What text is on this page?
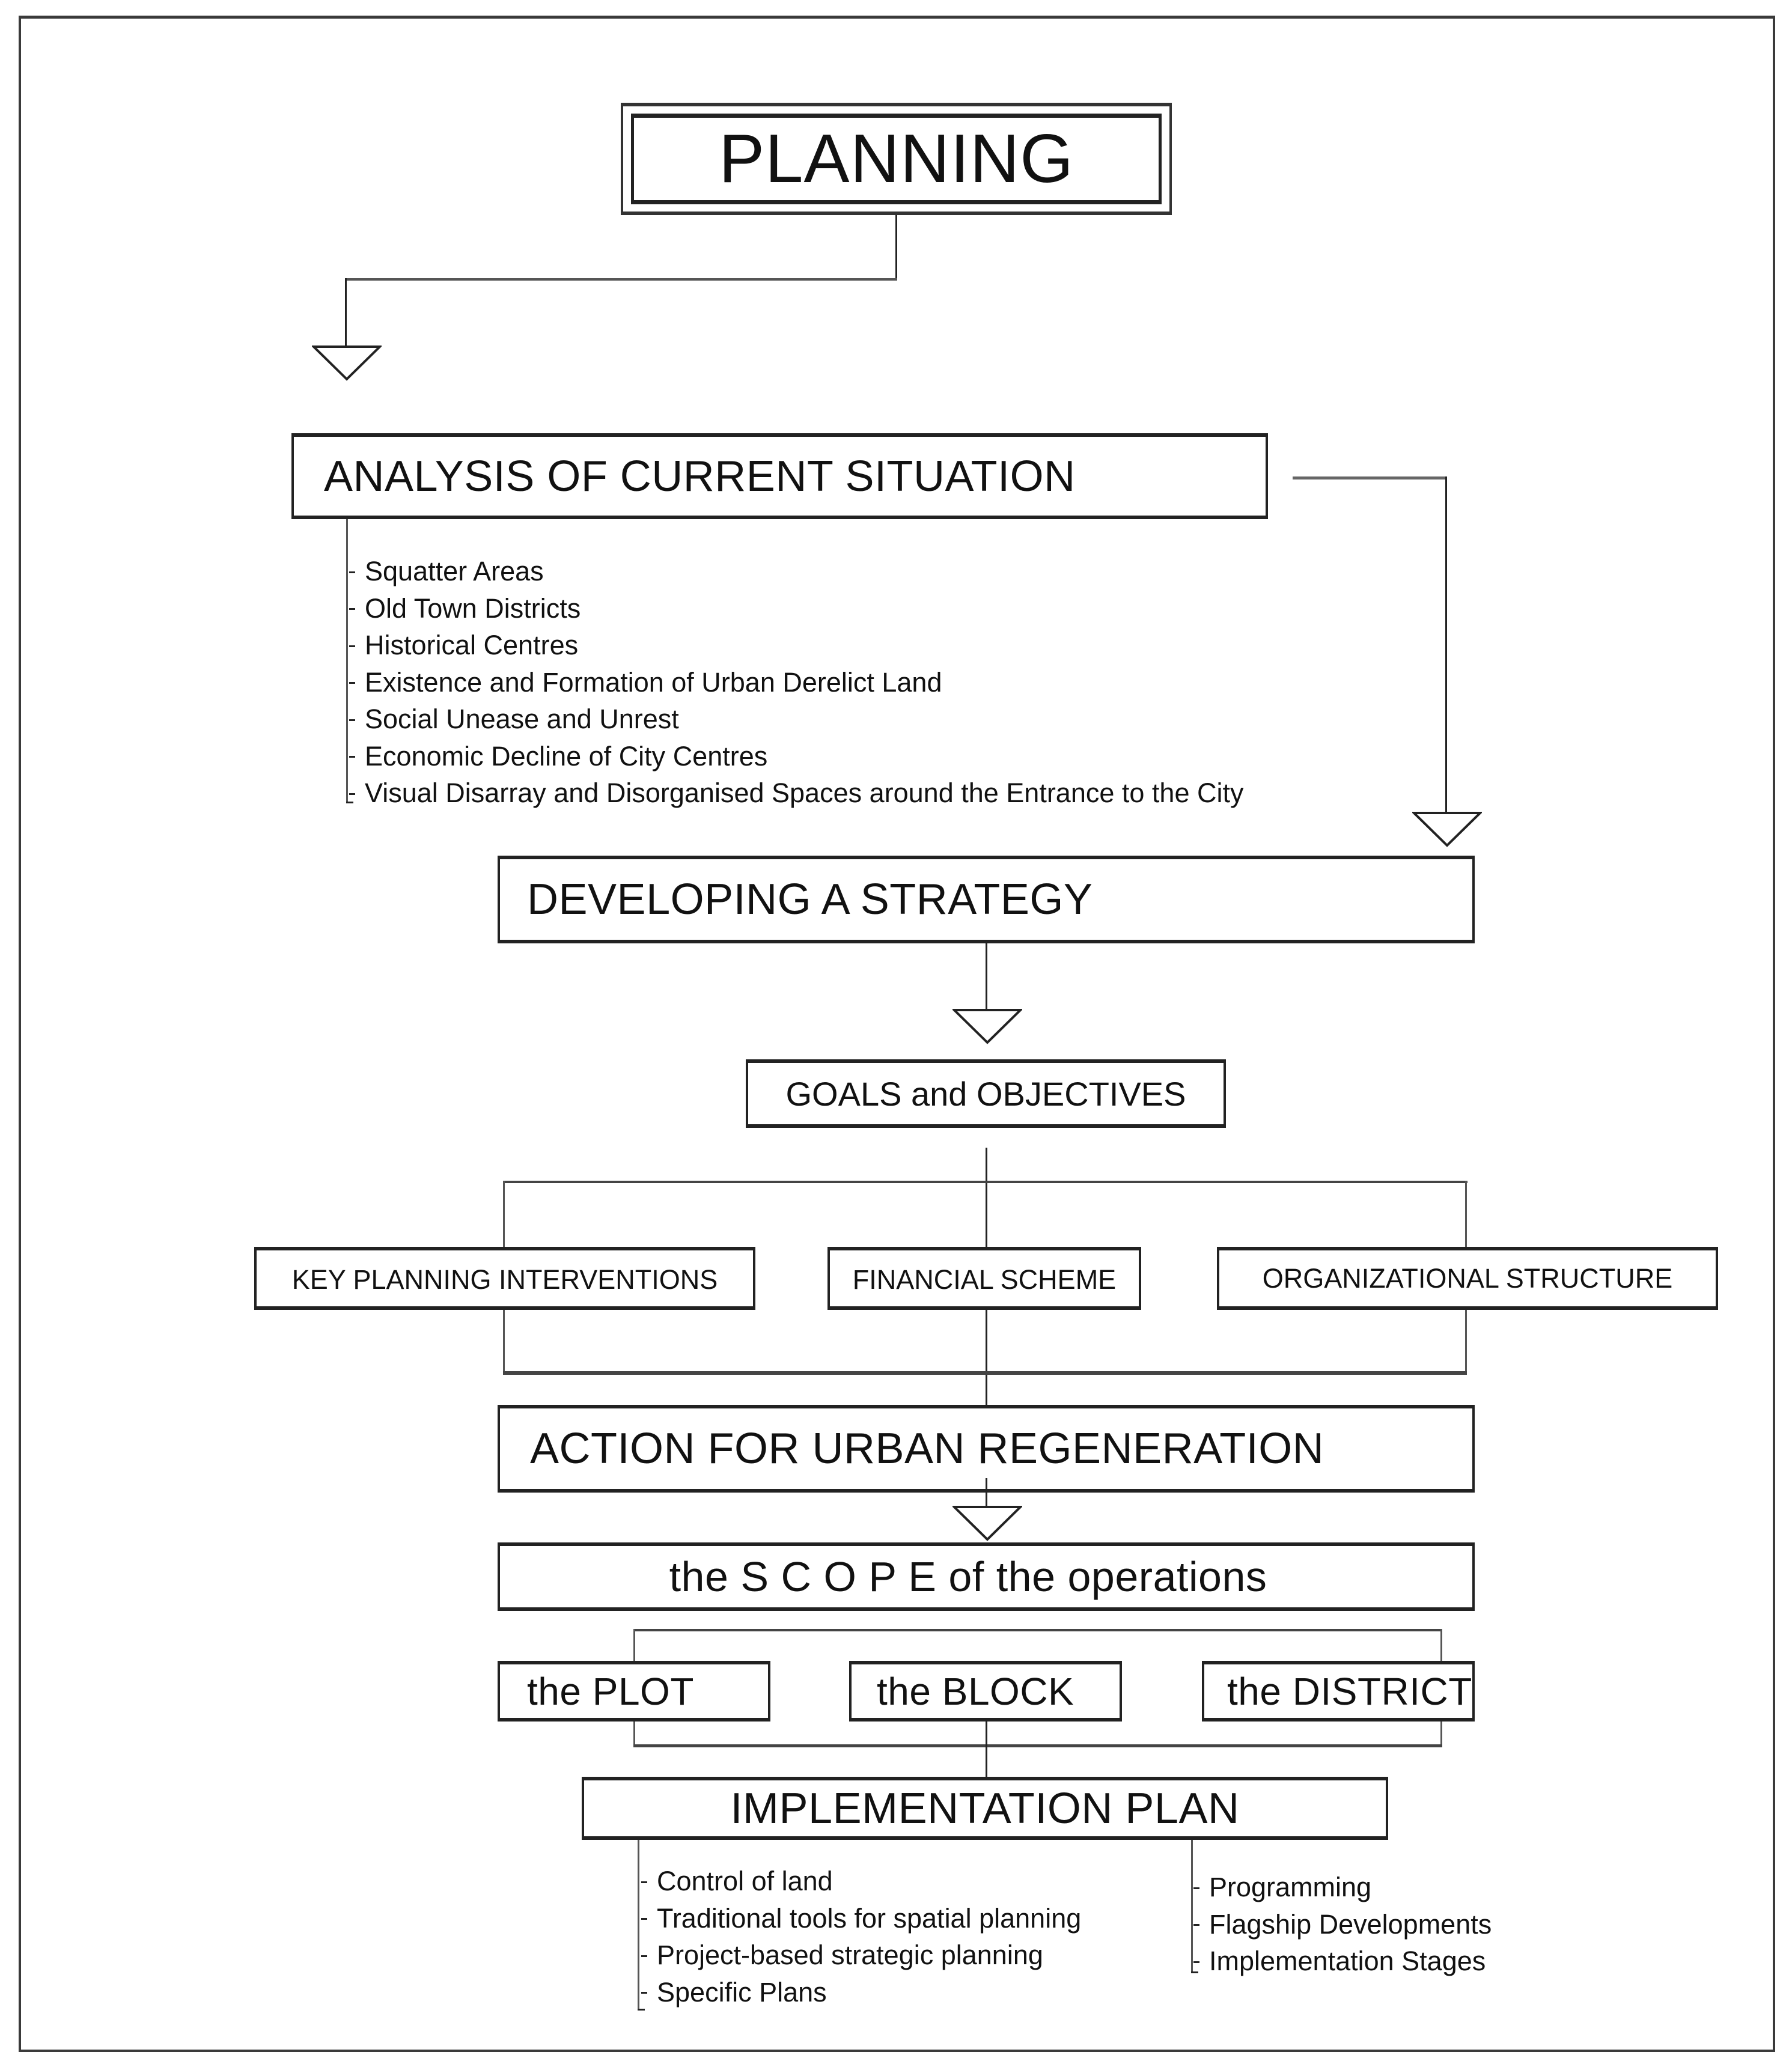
PLANNING
ANALYSIS OF CURRENT SITUATION
Squatter Areas
Old Town Districts
Historical Centres
Existence and Formation of Urban Derelict Land
Social Unease and Unrest
Economic Decline of City Centres
Visual Disarray and Disorganised Spaces around the Entrance to the City
DEVELOPING A STRATEGY
GOALS and OBJECTIVES
KEY PLANNING INTERVENTIONS	FINANCIAL SCHEME	ORGANIZATIONAL STRUCTURE
ACTION FOR URBAN REGENERATION
the S C O P E of the operations
the PLOT	the BLOCK	the DISTRICT
IMPLEMENTATION PLAN
Control of land
Traditional tools for spatial planning
Project-based strategic planning
Specific Plans
Programming
Flagship Developments
Implementation Stages
